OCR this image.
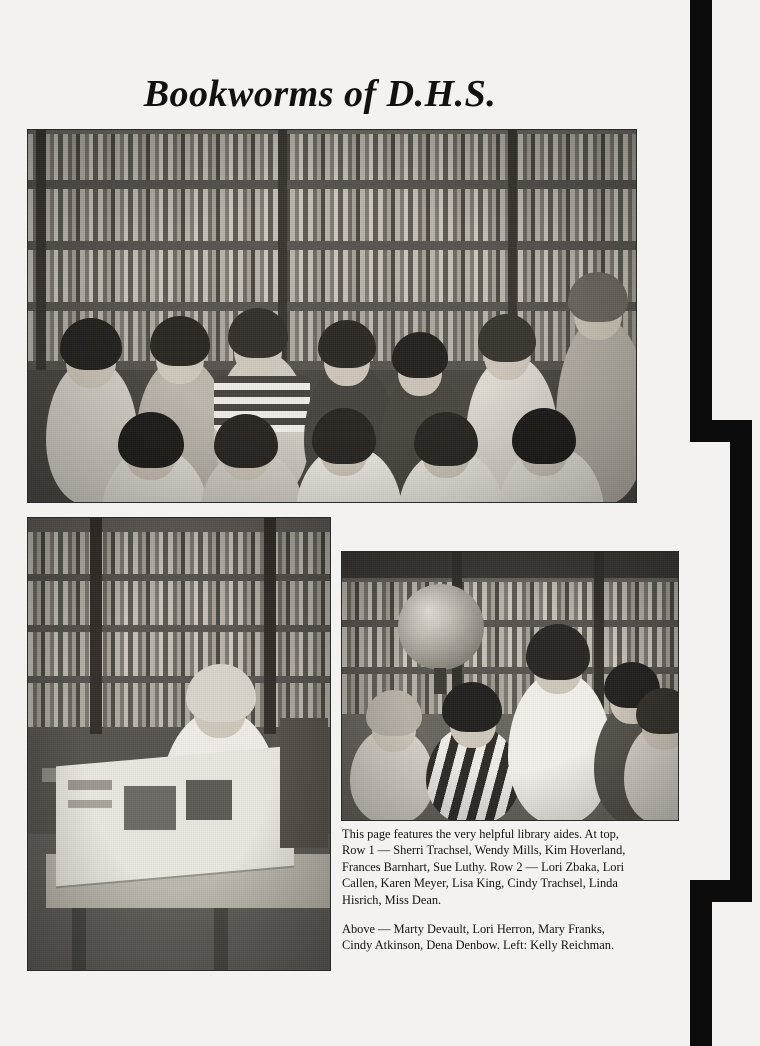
Bookworms of D.H.S.

This page features the very helpful library aides. At top, Row 1 — Sherri Trachsel, Wendy Mills, Kim Hoverland, Frances Barnhart, Sue Luthy. Row 2 — Lori Zbaka, Lori Callen, Karen Meyer, Lisa King, Cindy Trachsel, Linda Hisrich, Miss Dean.

Above — Marty Devault, Lori Herron, Mary Franks, Cindy Atkinson, Dena Denbow. Left: Kelly Reichman.
